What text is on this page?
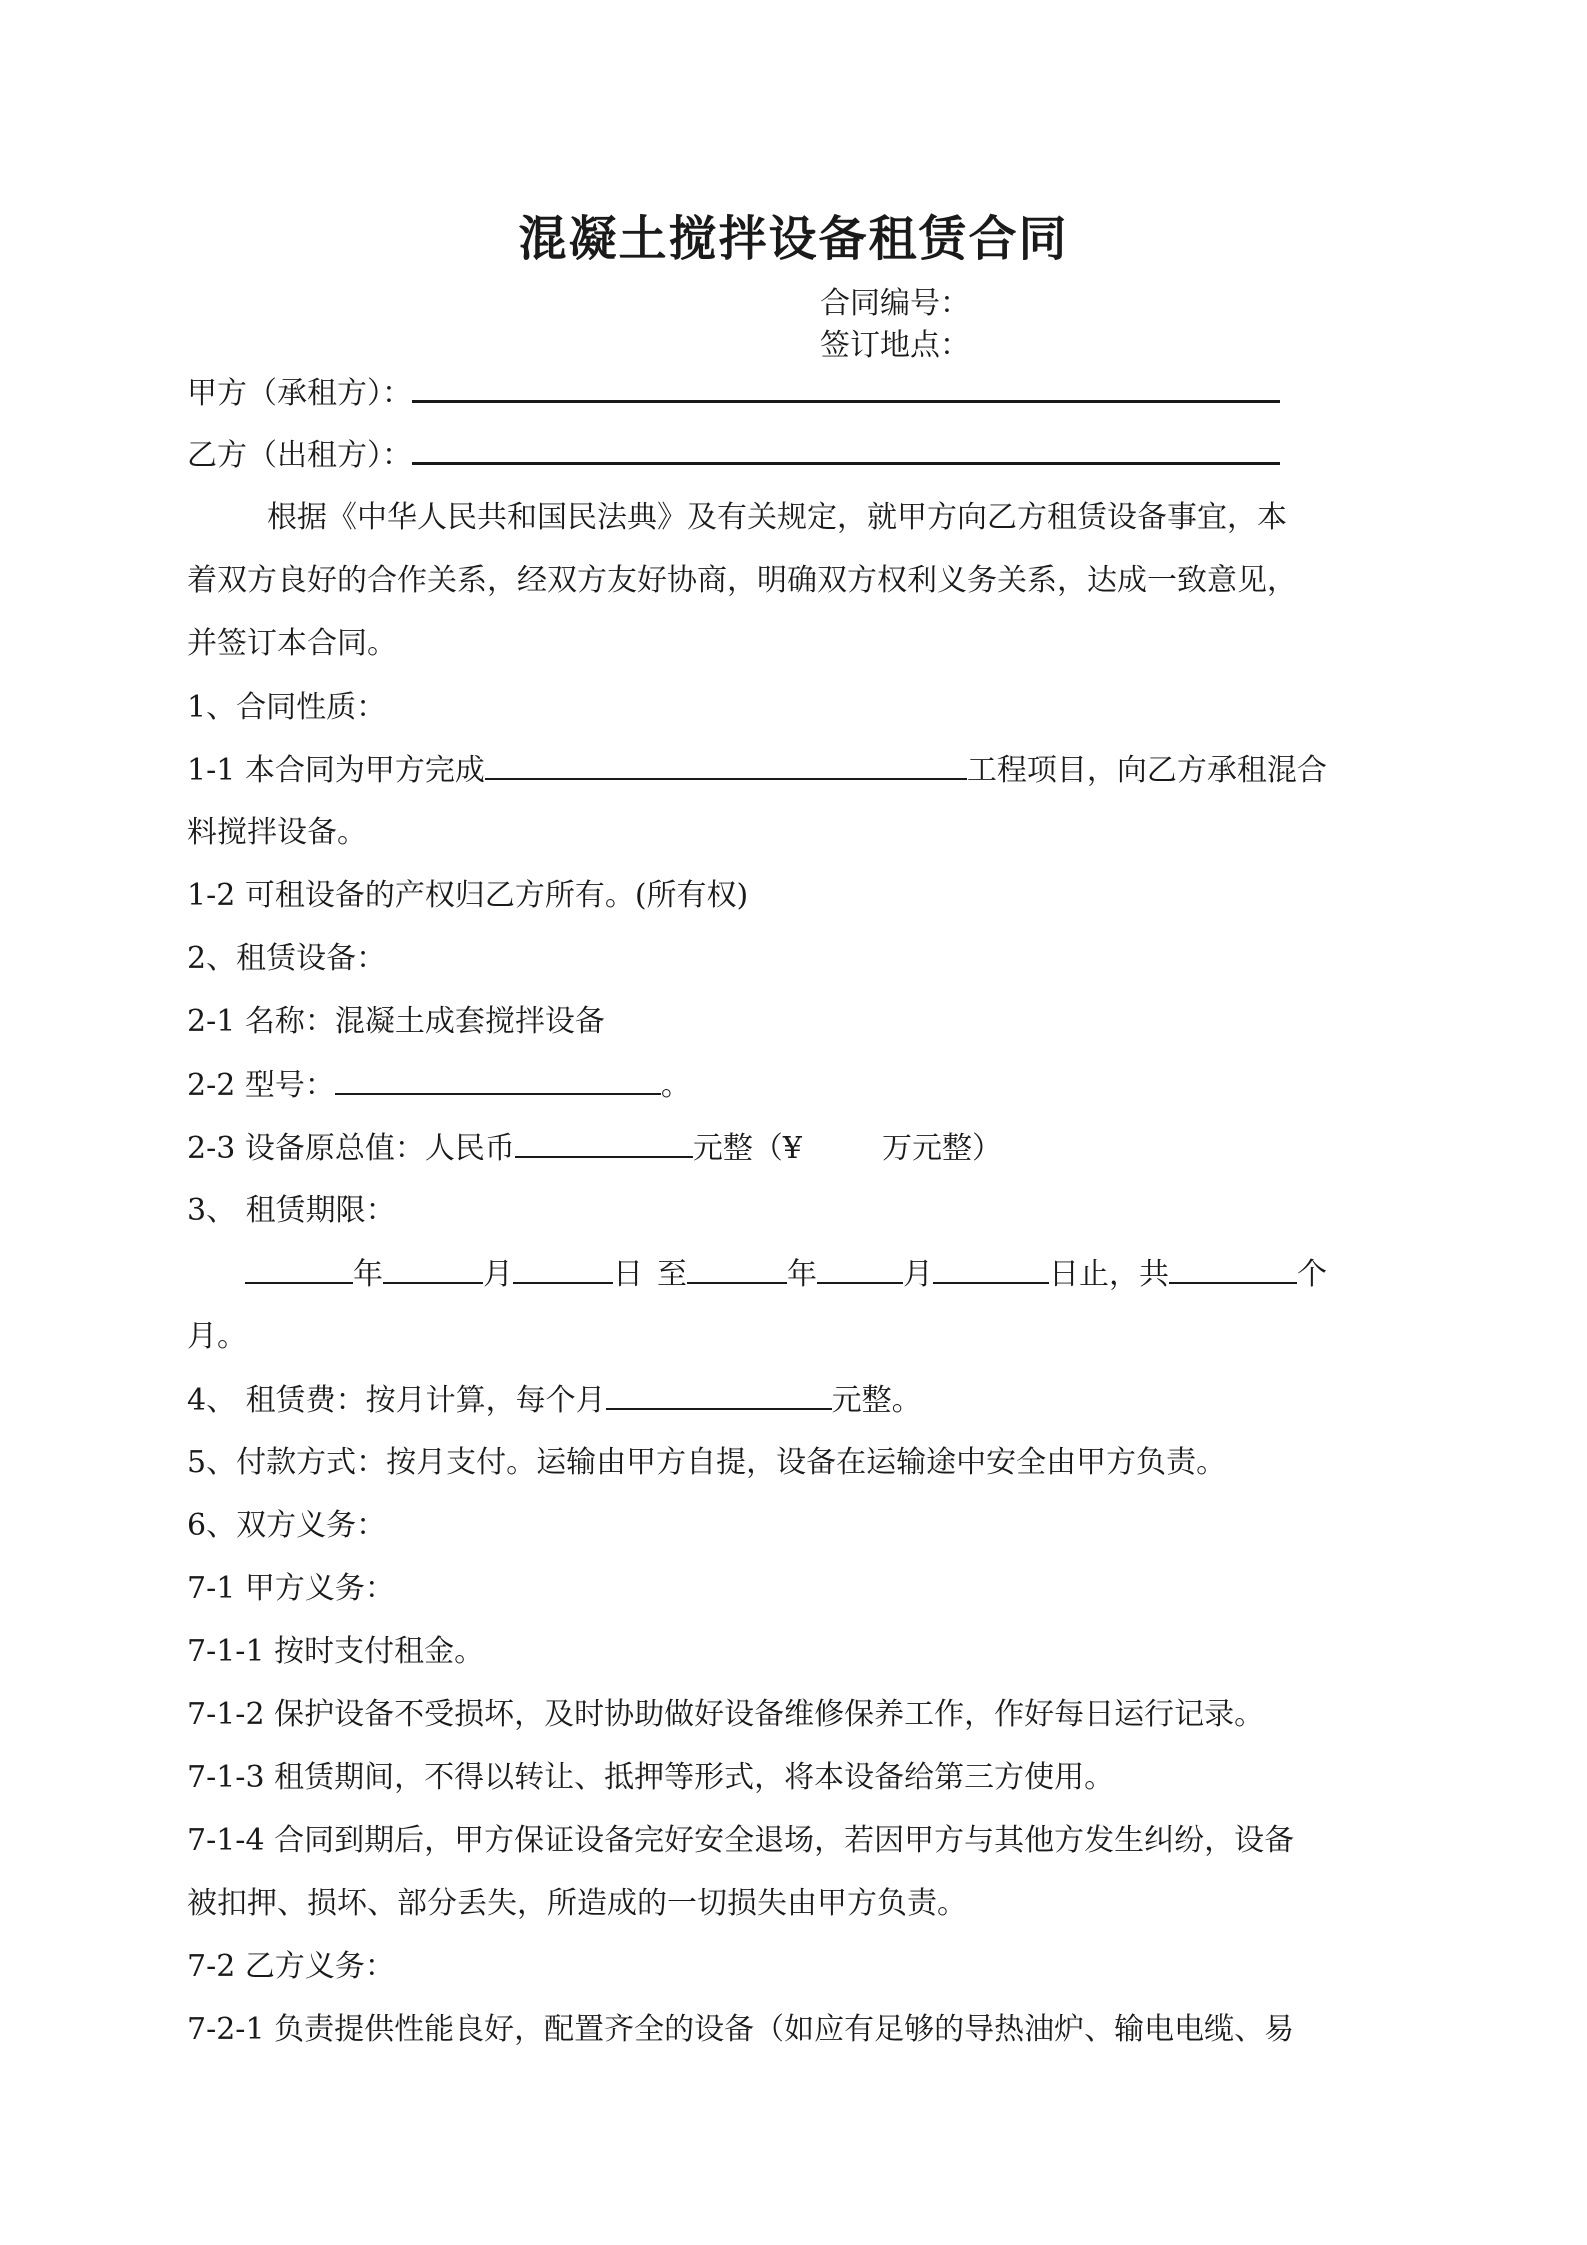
混凝土搅拌设备租赁合同
合同编号：
签订地点：
甲方（承租方）：
乙方（出租方）：
根据《中华人民共和国民法典》及有关规定，就甲方向乙方租赁设备事宜，本
着双方良好的合作关系，经双方友好协商，明确双方权利义务关系，达成一致意见，
并签订本合同。
1、合同性质：
1-1 本合同为甲方完成	工程项目，向乙方承租混合
料搅拌设备。
1-2 可租设备的产权归乙方所有。(所有权)
2、租赁设备：
2-1 名称：混凝土成套搅拌设备
2-2 型号：	。
2-3 设备原总值：人民币	元整（¥	万元整）
3、 租赁期限：
年	月	日 至	年	月	日止，共	个
月。
4、 租赁费：按月计算，每个月	元整。
5、付款方式：按月支付。运输由甲方自提，设备在运输途中安全由甲方负责。
6、双方义务：
7-1 甲方义务：
7-1-1 按时支付租金。
7-1-2 保护设备不受损坏，及时协助做好设备维修保养工作，作好每日运行记录。
7-1-3 租赁期间，不得以转让、抵押等形式，将本设备给第三方使用。
7-1-4 合同到期后，甲方保证设备完好安全退场，若因甲方与其他方发生纠纷，设备
被扣押、损坏、部分丢失，所造成的一切损失由甲方负责。
7-2 乙方义务：
7-2-1 负责提供性能良好，配置齐全的设备（如应有足够的导热油炉、输电电缆、易
